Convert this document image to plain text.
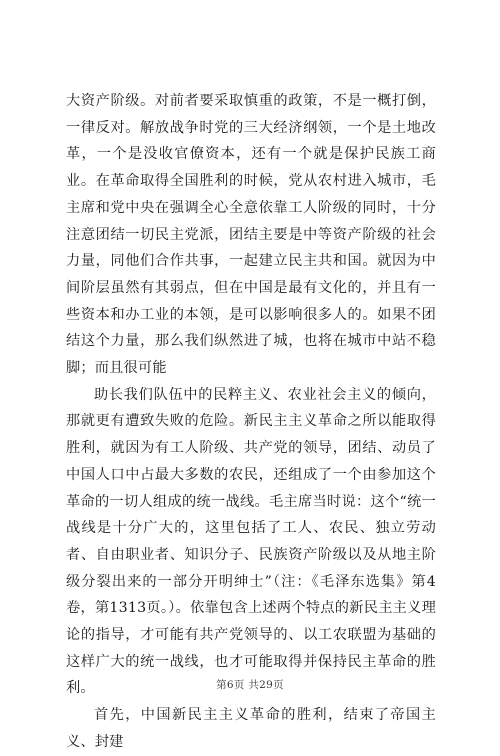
大资产阶级。对前者要采取慎重的政策，不是一概打倒，一律反对。解放战争时党的三大经济纲领，一个是土地改革，一个是没收官僚资本，还有一个就是保护民族工商业。在革命取得全国胜利的时候，党从农村进入城市，毛主席和党中央在强调全心全意依靠工人阶级的同时，十分注意团结一切民主党派，团结主要是中等资产阶级的社会力量，同他们合作共事，一起建立民主共和国。就因为中间阶层虽然有其弱点，但在中国是最有文化的，并且有一些资本和办工业的本领，是可以影响很多人的。如果不团结这个力量，那么我们纵然进了城，也将在城市中站不稳脚；而且很可能

助长我们队伍中的民粹主义、农业社会主义的倾向，那就更有遭致失败的危险。新民主主义革命之所以能取得胜利，就因为有工人阶级、共产党的领导，团结、动员了中国人口中占最大多数的农民，还组成了一个由参加这个革命的一切人组成的统一战线。毛主席当时说：这个“统一战线是十分广大的，这里包括了工人、农民、独立劳动者、自由职业者、知识分子、民族资产阶级以及从地主阶级分裂出来的一部分开明绅士”（注：《毛泽东选集》第4卷，第1313页。）。依靠包含上述两个特点的新民主主义理论的指导，才可能有共产党领导的、以工农联盟为基础的这样广大的统一战线，也才可能取得并保持民主革命的胜利。

首先，中国新民主主义革命的胜利，结束了帝国主义、封建

第6页 共29页
